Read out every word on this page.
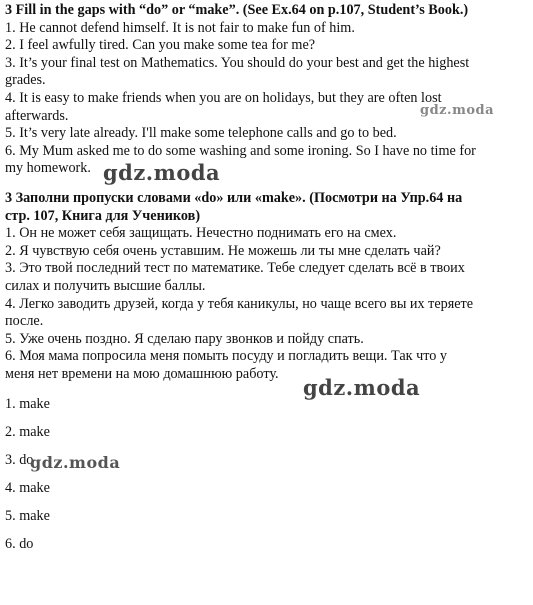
3 Fill in the gaps with “do” or “make”. (See Ex.64 on p.107, Student’s Book.)
1. He cannot defend himself. It is not fair to make fun of him.
2. I feel awfully tired. Can you make some tea for me?
3. It’s your final test on Mathematics. You should do your best and get the highest
grades.
4. It is easy to make friends when you are on holidays, but they are often lost
afterwards.
5. It’s very late already. I'll make some telephone calls and go to bed.
6. My Mum asked me to do some washing and some ironing. So I have no time for
my homework.
3 Заполни пропуски словами «do» или «make». (Посмотри на Упр.64 на
стр. 107, Книга для Учеников)
1. Он не может себя защищать. Нечестно поднимать его на смех.
2. Я чувствую себя очень уставшим. Не можешь ли ты мне сделать чай?
3. Это твой последний тест по математике. Тебе следует сделать всё в твоих
силах и получить высшие баллы.
4. Легко заводить друзей, когда у тебя каникулы, но чаще всего вы их теряете
после.
5. Уже очень поздно. Я сделаю пару звонков и пойду спать.
6. Моя мама попросила меня помыть посуду и погладить вещи. Так что у
меня нет времени на мою домашнюю работу.
1. make
2. make
3. do
4. make
5. make
6. do
gdz.moda
gdz.moda
gdz.moda
gdz.moda
